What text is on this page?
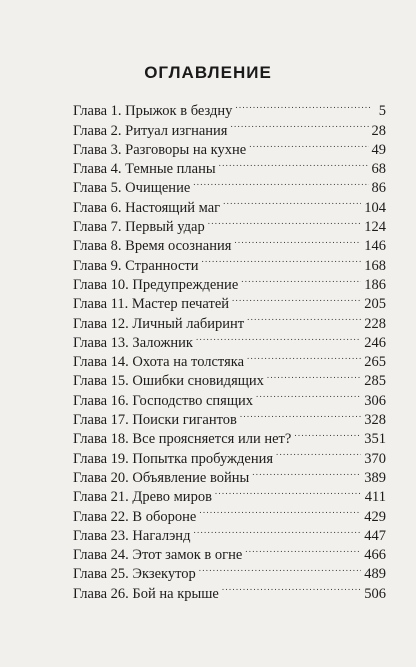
ОГЛАВЛЕНИЕ
Глава 1. Прыжок в бездну . . .	5
Глава 2. Ритуал изгнания . . .	28
Глава 3. Разговоры на кухне . . .	49
Глава 4. Темные планы . . .	68
Глава 5. Очищение . . .	86
Глава 6. Настоящий маг . . .	104
Глава 7. Первый удар . . .	124
Глава 8. Время осознания . . .	146
Глава 9. Странности . . .	168
Глава 10. Предупреждение . . .	186
Глава 11. Мастер печатей . . .	205
Глава 12. Личный лабиринт . . .	228
Глава 13. Заложник . . .	246
Глава 14. Охота на толстяка . . .	265
Глава 15. Ошибки сновидящих . . .	285
Глава 16. Господство спящих . . .	306
Глава 17. Поиски гигантов . . .	328
Глава 18. Все проясняется или нет? . . .	351
Глава 19. Попытка пробуждения . . .	370
Глава 20. Объявление войны . . .	389
Глава 21. Древо миров . . .	411
Глава 22. В обороне . . .	429
Глава 23. Нагалэнд . . .	447
Глава 24. Этот замок в огне . . .	466
Глава 25. Экзекутор . . .	489
Глава 26. Бой на крыше . . .	506
